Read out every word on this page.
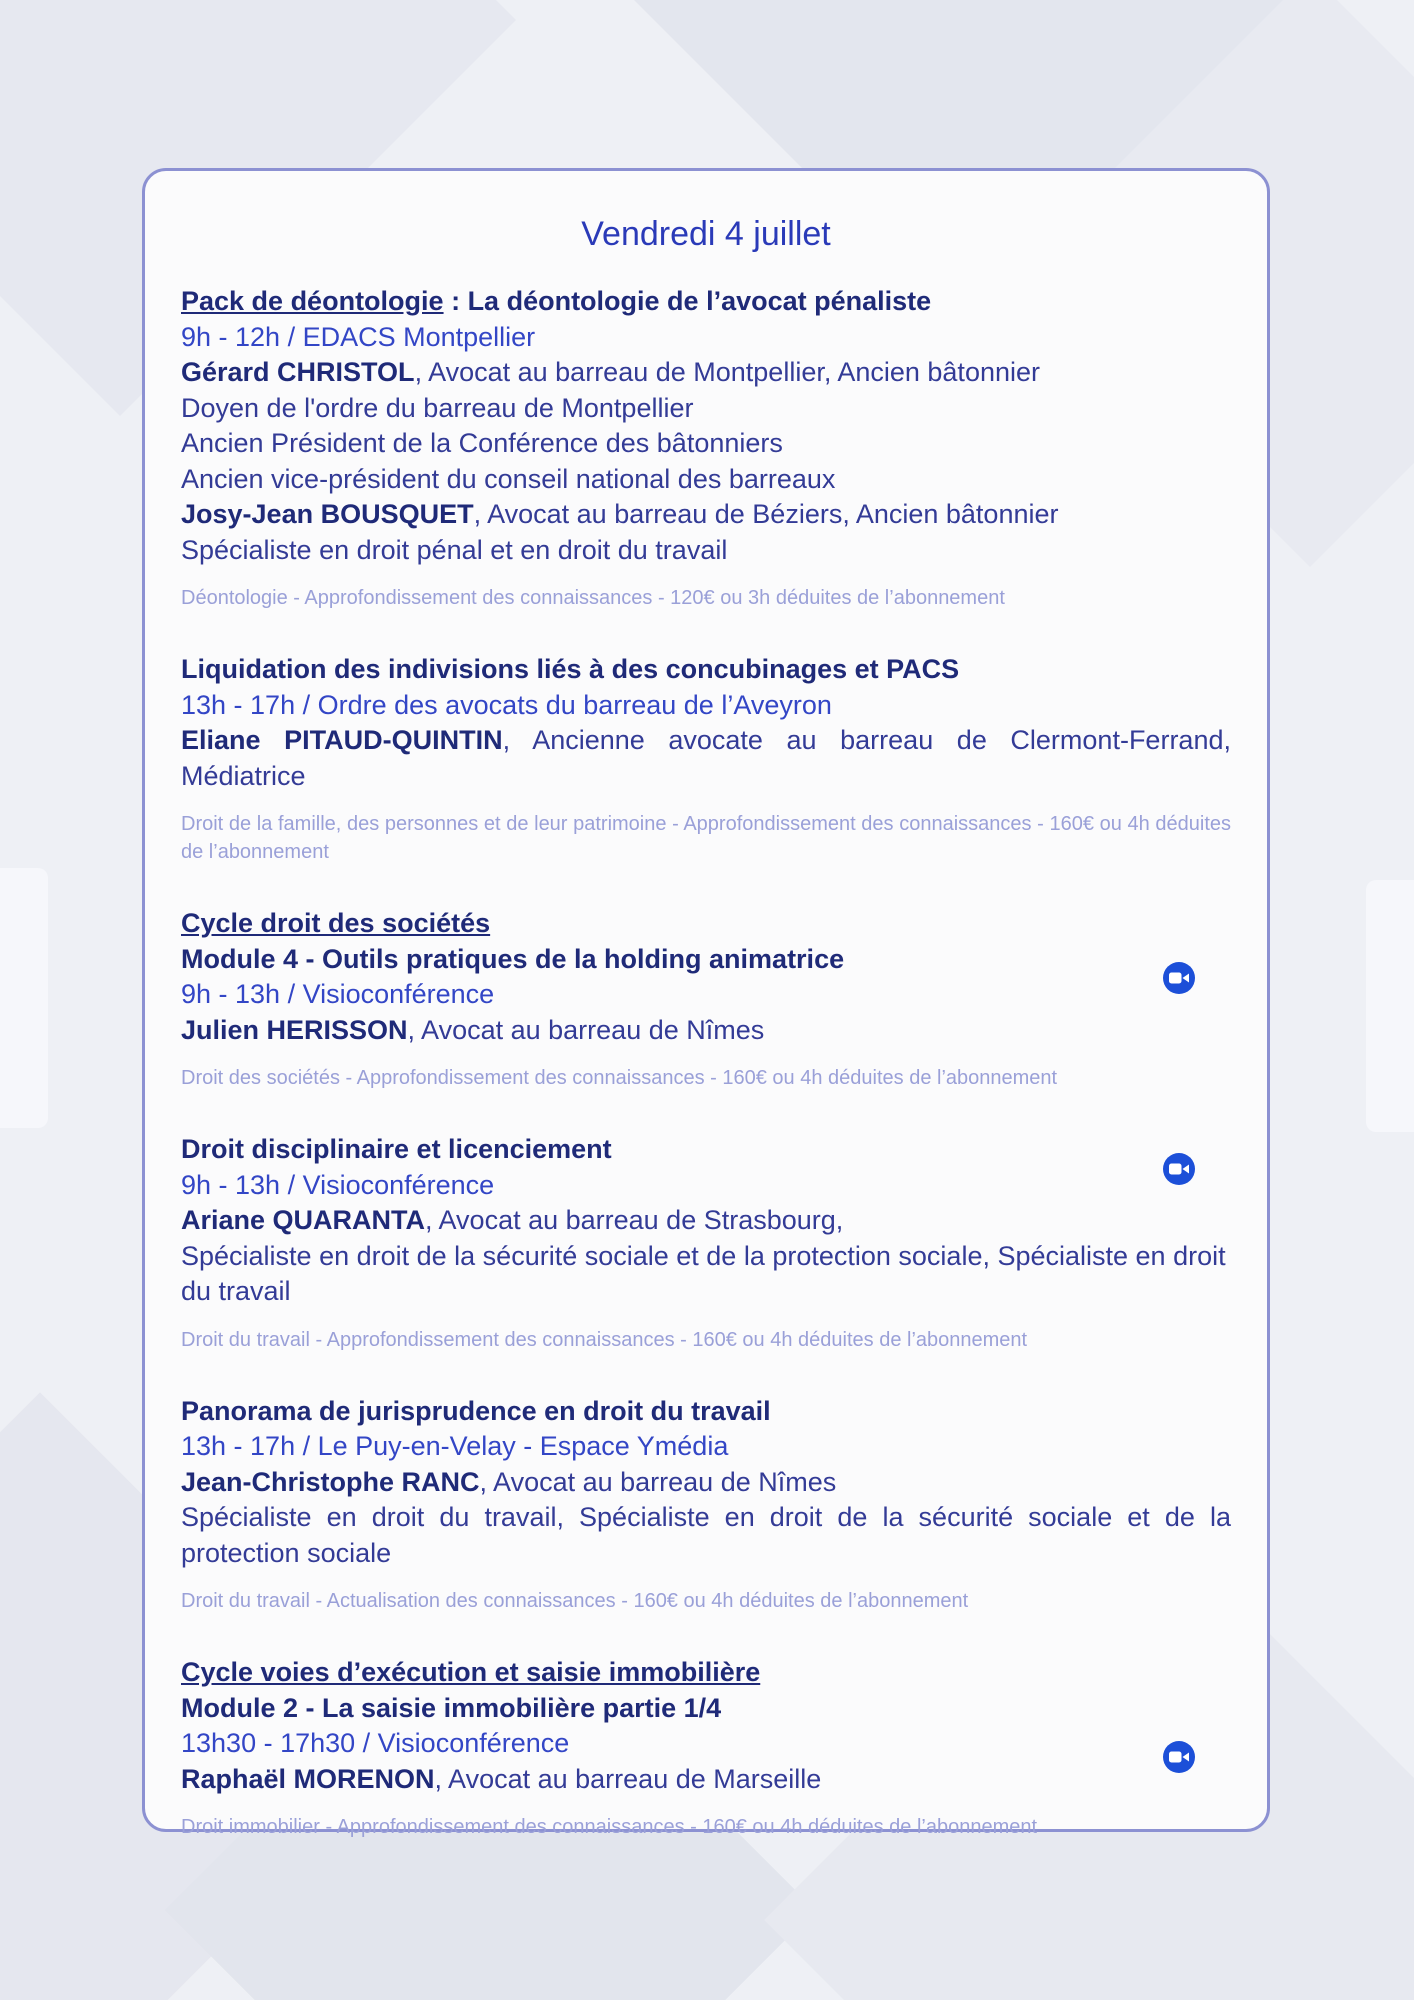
Vendredi 4 juillet
Pack de déontologie : La déontologie de l’avocat pénaliste
9h - 12h / EDACS Montpellier
Gérard CHRISTOL, Avocat au barreau de Montpellier, Ancien bâtonnier
Doyen de l'ordre du barreau de Montpellier
Ancien Président de la Conférence des bâtonniers
Ancien vice-président du conseil national des barreaux
Josy-Jean BOUSQUET, Avocat au barreau de Béziers, Ancien bâtonnier
Spécialiste en droit pénal et en droit du travail
Déontologie - Approfondissement des connaissances - 120€ ou 3h déduites de l’abonnement
Liquidation des indivisions liés à des concubinages et PACS
13h - 17h / Ordre des avocats du barreau de l’Aveyron
Eliane PITAUD-QUINTIN, Ancienne avocate au barreau de Clermont-Ferrand, Médiatrice
Droit de la famille, des personnes et de leur patrimoine - Approfondissement des connaissances - 160€ ou 4h déduites de l’abonnement
Cycle droit des sociétés
Module 4 - Outils pratiques de la holding animatrice
9h - 13h / Visioconférence
Julien HERISSON, Avocat au barreau de Nîmes
Droit des sociétés - Approfondissement des connaissances - 160€ ou 4h déduites de l’abonnement
Droit disciplinaire et licenciement
9h - 13h / Visioconférence
Ariane QUARANTA, Avocat au barreau de Strasbourg,
Spécialiste en droit de la sécurité sociale et de la protection sociale, Spécialiste en droit du travail
Droit du travail - Approfondissement des connaissances - 160€ ou 4h déduites de l’abonnement
Panorama de jurisprudence en droit du travail
13h - 17h / Le Puy-en-Velay - Espace Ymédia
Jean-Christophe RANC, Avocat au barreau de Nîmes
Spécialiste en droit du travail, Spécialiste en droit de la sécurité sociale et de la protection sociale
Droit du travail - Actualisation des connaissances - 160€ ou 4h déduites de l’abonnement
Cycle voies d’exécution et saisie immobilière
Module 2 - La saisie immobilière partie 1/4
13h30 - 17h30 / Visioconférence
Raphaël MORENON, Avocat au barreau de Marseille
Droit immobilier - Approfondissement des connaissances - 160€ ou 4h déduites de l’abonnement
